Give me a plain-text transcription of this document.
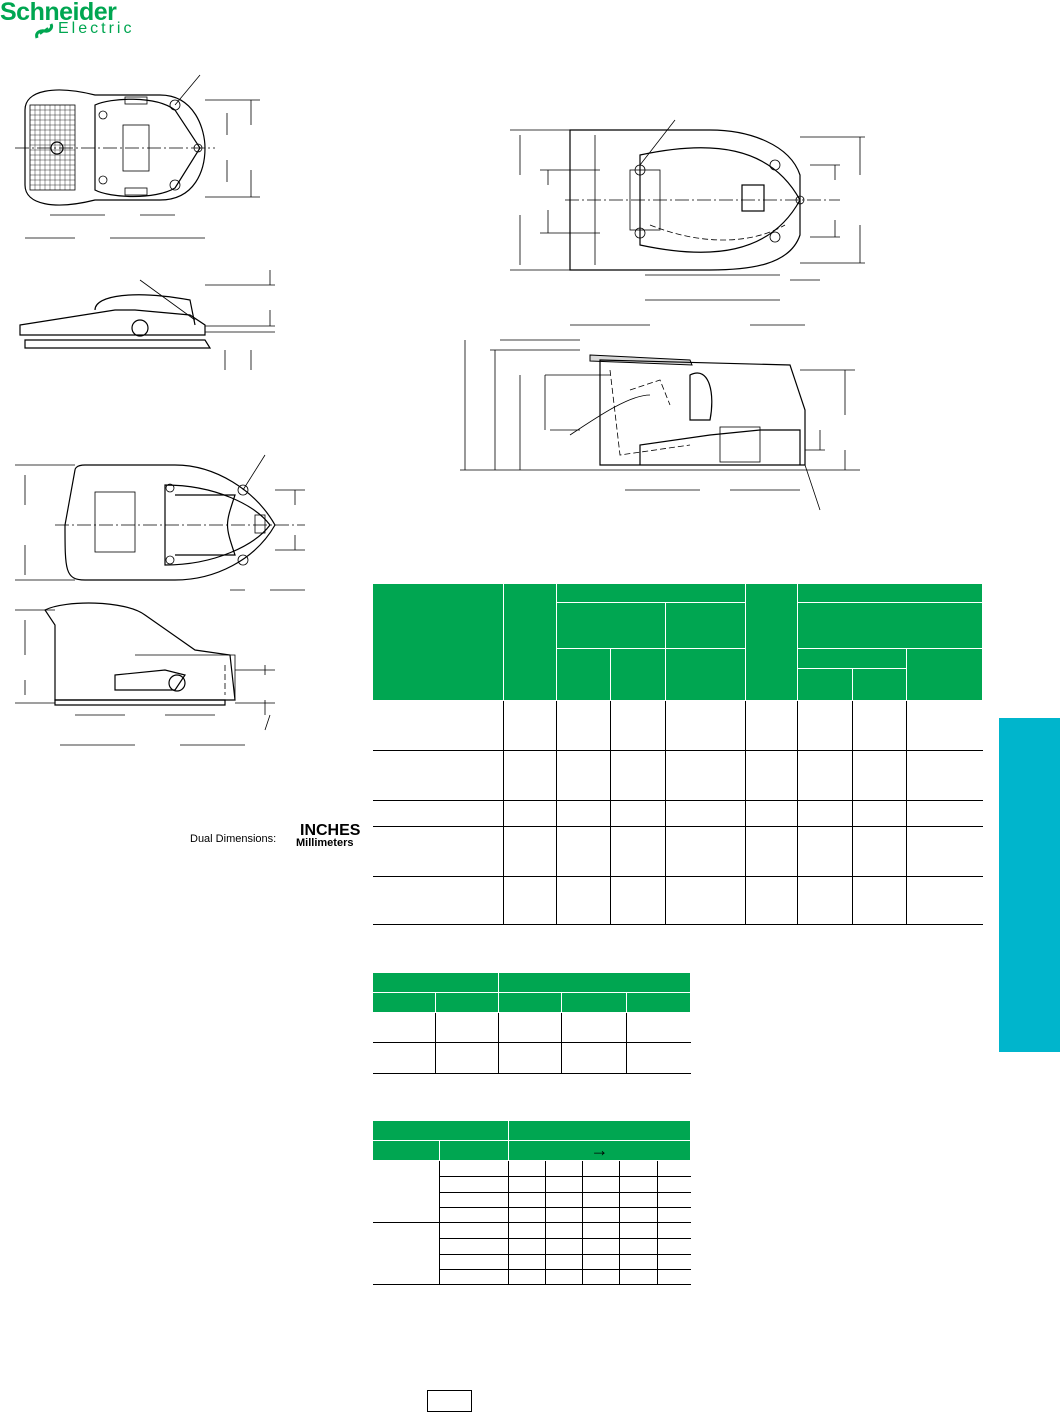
Schneider
Electric
Dual Dimensions: INCHES
Millimeters

		→				
